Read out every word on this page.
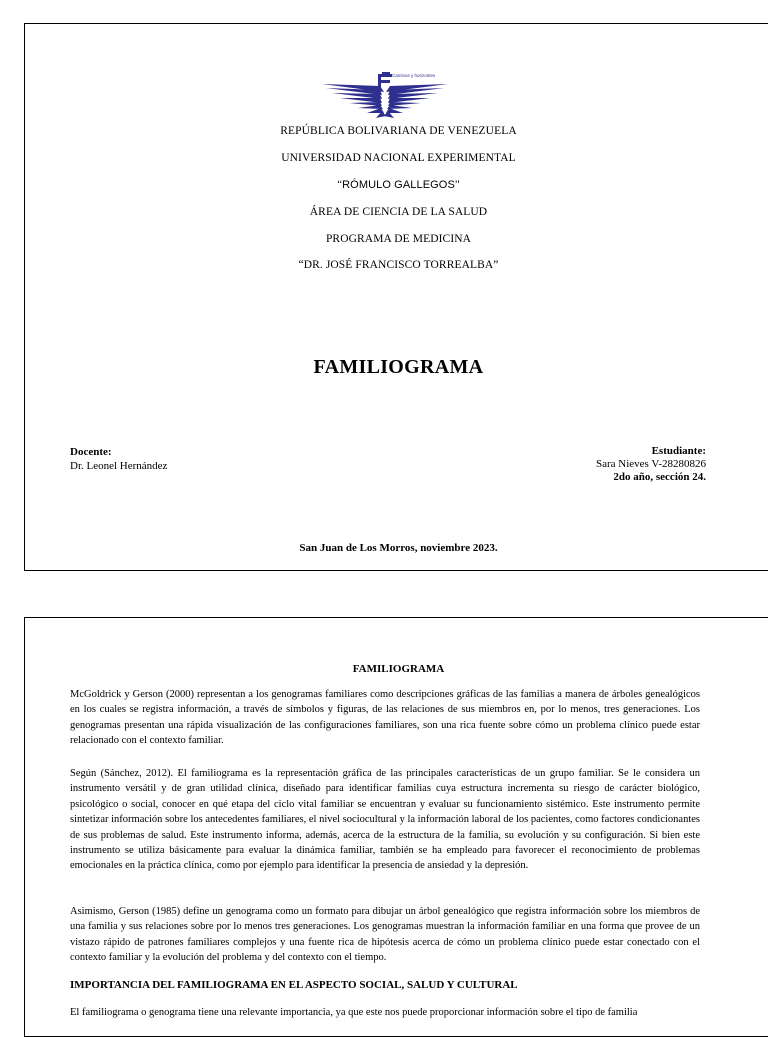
Caminos y horizontes
REPÚBLICA BOLIVARIANA DE VENEZUELA
UNIVERSIDAD NACIONAL EXPERIMENTAL
‘‘RÓMULO GALLEGOS’’
ÁREA DE CIENCIA DE LA SALUD
PROGRAMA DE MEDICINA
“DR. JOSÉ FRANCISCO TORREALBA”
FAMILIOGRAMA
Docente:
Dr. Leonel Hernández
Estudiante:
Sara Nieves V-28280826
2do año, sección 24.
San Juan de Los Morros, noviembre 2023.
FAMILIOGRAMA

McGoldrick y Gerson (2000) representan a los genogramas familiares como descripciones gráficas de las familias a manera de árboles genealógicos en los cuales se registra información, a través de símbolos y figuras, de las relaciones de sus miembros en, por lo menos, tres generaciones. Los genogramas presentan una rápida visualización de las configuraciones familiares, son una rica fuente sobre cómo un problema clínico puede estar relacionado con el contexto familiar.

Según (Sánchez, 2012). El familiograma es la representación gráfica de las principales características de un grupo familiar. Se le considera un instrumento versátil y de gran utilidad clínica, diseñado para identificar familias cuya estructura incrementa su riesgo de carácter biológico, psicológico o social, conocer en qué etapa del ciclo vital familiar se encuentran y evaluar su funcionamiento sistémico. Este instrumento permite sintetizar información sobre los antecedentes familiares, el nivel sociocultural y la información laboral de los pacientes, como factores condicionantes de sus problemas de salud. Este instrumento informa, además, acerca de la estructura de la familia, su evolución y su configuración. Si bien este instrumento se utiliza básicamente para evaluar la dinámica familiar, también se ha empleado para favorecer el reconocimiento de problemas emocionales en la práctica clínica, como por ejemplo para identificar la presencia de ansiedad y la depresión.

Asimismo, Gerson (1985) define un genograma como un formato para dibujar un árbol genealógico que registra información sobre los miembros de una familia y sus relaciones sobre por lo menos tres generaciones. Los genogramas muestran la información familiar en una forma que provee de un vistazo rápido de patrones familiares complejos y una fuente rica de hipótesis acerca de cómo un problema clínico puede estar conectado con el contexto familiar y la evolución del problema y del contexto con el tiempo.

IMPORTANCIA DEL FAMILIOGRAMA EN EL ASPECTO SOCIAL, SALUD Y CULTURAL

El familiograma o genograma tiene una relevante importancia, ya que este nos puede proporcionar información sobre el tipo de familia
